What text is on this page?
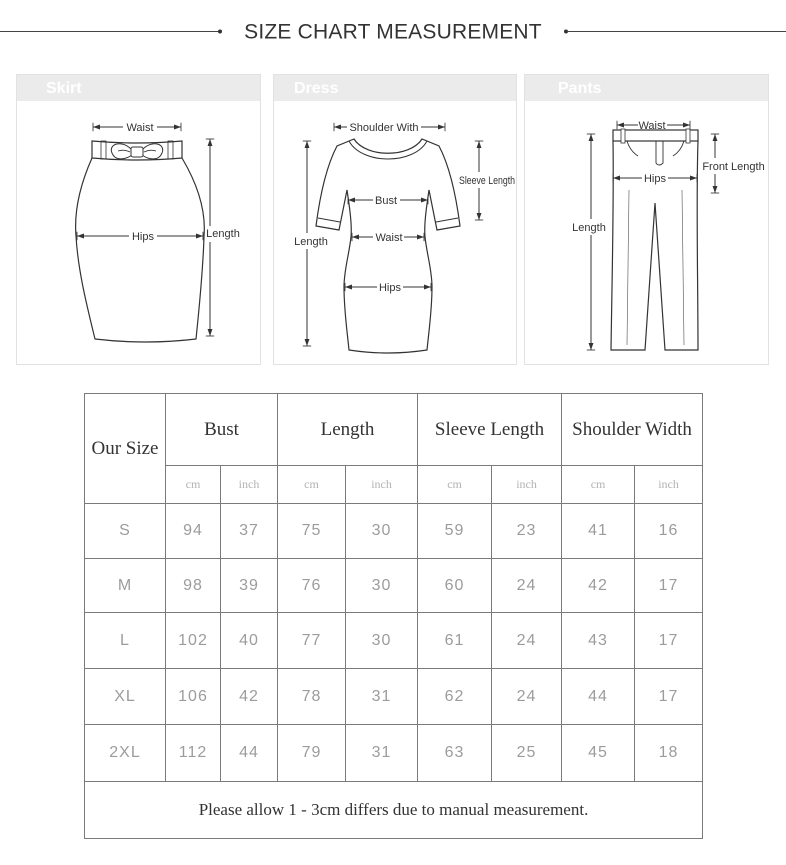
SIZE CHART MEASUREMENT
Skirt
Waist
Hips	Length
Dress
Shoulder With
Sleeve Length
Length
Bust
Waist
Hips
Pants
Waist
Front Length
Hips
Length
Our Size	Bust		Length		Sleeve Length		Shoulder Width	
	cm	inch	cm	inch	cm	inch	cm	inch
S	94	37	75	30	59	23	41	16
M	98	39	76	30	60	24	42	17
L	102	40	77	30	61	24	43	17
XL	106	42	78	31	62	24	44	17
2XL	112	44	79	31	63	25	45	18
Please allow 1 - 3cm differs due to manual measurement.								
